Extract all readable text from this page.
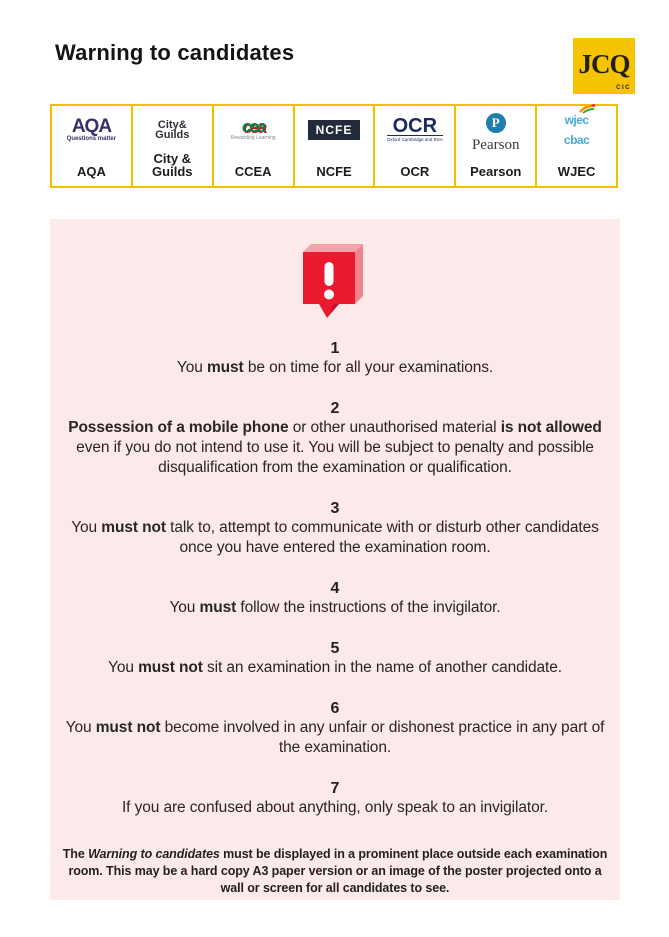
Warning to candidates	JCQ
CIC
AQA
Questions matter
AQA
City&
Guilds
City & Guilds
cea
Rewarding Learning
CCEA
NCFE
NCFE
OCR
Oxford Cambridge and RSA
OCR
P
Pearson
Pearson
wjec

cbac
WJEC
1
You must be on time for all your examinations.
2
Possession of a mobile phone or other unauthorised material is not allowed even if you do not intend to use it. You will be subject to penalty and possible disqualification from the examination or qualification.
3
You must not talk to, attempt to communicate with or disturb other candidates once you have entered the examination room.
4
You must follow the instructions of the invigilator.
5
You must not sit an examination in the name of another candidate.
6
You must not become involved in any unfair or dishonest practice in any part of the examination.
7
If you are confused about anything, only speak to an invigilator.

The Warning to candidates must be displayed in a prominent place outside each examination room. This may be a hard copy A3 paper version or an image of the poster projected onto a wall or screen for all candidates to see.
